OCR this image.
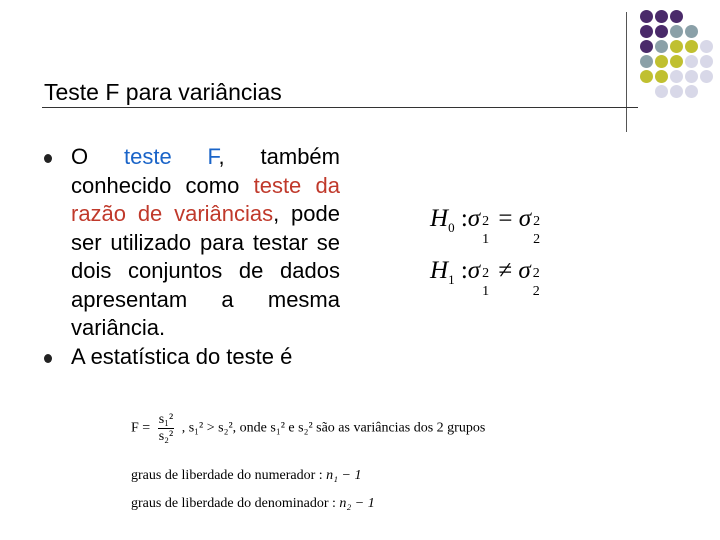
Teste F para variâncias
O teste F, também conhecido como teste da razão de variâncias, pode ser utilizado para testar se dois conjuntos de dados apresentam a mesma variância.
A estatística do teste é
$H_0$ :σ 2
1
= σ 2
2
$H_1$ :σ 2
1
≠ σ 2
2
$F = \frac{\text{s₁²}}{\text{s₂²}}$ , s₁² > s₂², onde s₁² e s₂² são as variâncias dos 2 grupos
graus de liberdade do numerador : n₁ − 1
graus de liberdade do denominador : n₂ − 1
